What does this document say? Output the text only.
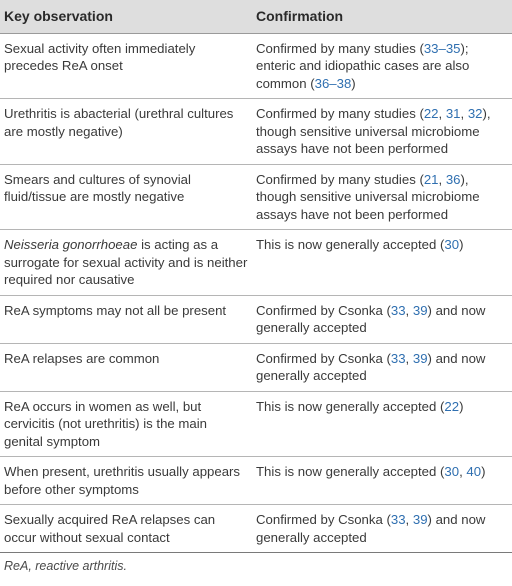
Key observation	Confirmation
Sexual activity often immediately precedes ReA onset	Confirmed by many studies (33–35); enteric and idiopathic cases are also common (36–38)
Urethritis is abacterial (urethral cultures are mostly negative)	Confirmed by many studies (22, 31, 32), though sensitive universal microbiome assays have not been performed
Smears and cultures of synovial fluid/tissue are mostly negative	Confirmed by many studies (21, 36), though sensitive universal microbiome assays have not been performed
Neisseria gonorrhoeae is acting as a surrogate for sexual activity and is neither required nor causative	This is now generally accepted (30)
ReA symptoms may not all be present	Confirmed by Csonka (33, 39) and now generally accepted
ReA relapses are common	Confirmed by Csonka (33, 39) and now generally accepted
ReA occurs in women as well, but cervicitis (not urethritis) is the main genital symptom	This is now generally accepted (22)
When present, urethritis usually appears before other symptoms	This is now generally accepted (30, 40)
Sexually acquired ReA relapses can occur without sexual contact	Confirmed by Csonka (33, 39) and now generally accepted
ReA, reactive arthritis.
